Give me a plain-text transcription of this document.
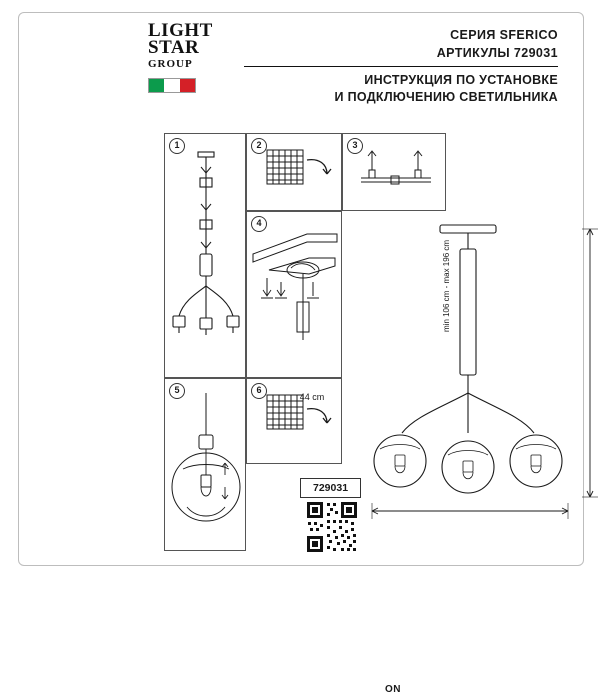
LIGHT
STAR
GROUP
СЕРИЯ SFERICO
АРТИКУЛЫ 729031
ИНСТРУКЦИЯ ПО УСТАНОВКЕ
И ПОДКЛЮЧЕНИЮ СВЕТИЛЬНИКА
1	2	3
4
5	6
ON
44 cm
min 106 cm - max 196 cm
729031
